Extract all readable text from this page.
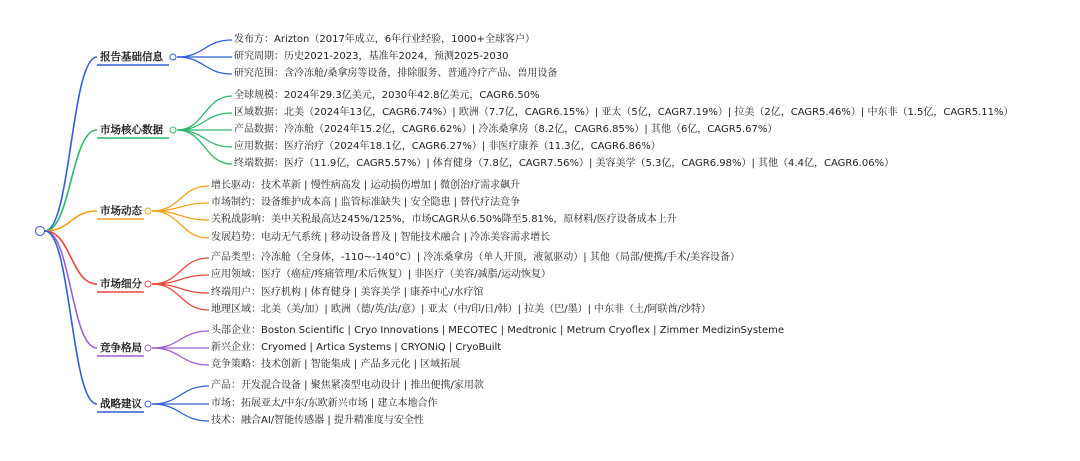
报告基础信息
发布方：Arizton（2017年成立，6年行业经验，1000+全球客户）
研究周期：历史2021-2023，基准年2024，预测2025-2030
研究范围：含冷冻舱/桑拿房等设备，排除服务、普通冷疗产品、兽用设备
市场核心数据
全球规模：2024年29.3亿美元，2030年42.8亿美元，CAGR6.50%
区域数据：北美（2024年13亿，CAGR6.74%）| 欧洲（7.7亿，CAGR6.15%）| 亚太（5亿，CAGR7.19%）| 拉美（2亿，CAGR5.46%）| 中东非（1.5亿，CAGR5.11%）
产品数据：冷冻舱（2024年15.2亿，CAGR6.62%）| 冷冻桑拿房（8.2亿，CAGR6.85%）| 其他（6亿，CAGR5.67%）
应用数据：医疗治疗（2024年18.1亿，CAGR6.27%）| 非医疗康养（11.3亿，CAGR6.86%）
终端数据：医疗（11.9亿，CAGR5.57%）| 体育健身（7.8亿，CAGR7.56%）| 美容美学（5.3亿，CAGR6.98%）| 其他（4.4亿，CAGR6.06%）
市场动态
增长驱动：技术革新 | 慢性病高发 | 运动损伤增加 | 微创治疗需求飙升
市场制约：设备维护成本高 | 监管标准缺失 | 安全隐患 | 替代疗法竞争
关税战影响：美中关税最高达245%/125%，市场CAGR从6.50%降至5.81%，原材料/医疗设备成本上升
发展趋势：电动无气系统 | 移动设备普及 | 智能技术融合 | 冷冻美容需求增长
市场细分
产品类型：冷冻舱（全身体，-110~-140°C）| 冷冻桑拿房（单人开顶，液氮驱动）| 其他（局部/便携/手术/美容设备）
应用领域：医疗（癌症/疼痛管理/术后恢复）| 非医疗（美容/减脂/运动恢复）
终端用户：医疗机构 | 体育健身 | 美容美学 | 康养中心/水疗馆
地理区域：北美（美/加）| 欧洲（德/英/法/意）| 亚太（中/印/日/韩）| 拉美（巴/墨）| 中东非（土/阿联酋/沙特）
竞争格局
头部企业：Boston Scientific | Cryo Innovations | MECOTEC | Medtronic | Metrum Cryoflex | Zimmer MedizinSysteme
新兴企业：Cryomed | Artica Systems | CRYONiQ | CryoBuilt
竞争策略：技术创新 | 智能集成 | 产品多元化 | 区域拓展
战略建议
产品：开发混合设备 | 聚焦紧凑型电动设计 | 推出便携/家用款
市场：拓展亚太/中东/东欧新兴市场 | 建立本地合作
技术：融合AI/智能传感器 | 提升精准度与安全性
